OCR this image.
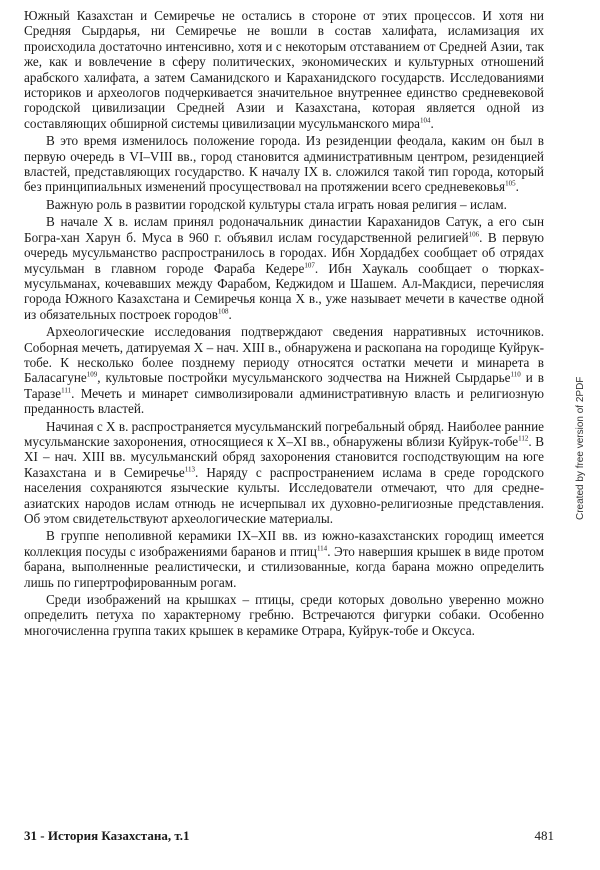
Южный Казахстан и Семиречье не остались в стороне от этих процессов. И хотя ни Средняя Сырдарья, ни Семиречье не вошли в состав халифата, исламизация их происходила достаточно интенсивно, хотя и с некоторым отставанием от Средней Азии, так же, как и вовлечение в сферу политических, экономических и культурных отношений арабского халифата, а затем Саманидского и Караханидского государств. Исследованиями историков и археологов подчеркивается значительное внутреннее единство средневековой городской цивилизации Средней Азии и Казахстана, которая является одной из составляющих обширной системы цивилизации мусульманского мира$^{104}$.

В это время изменилось положение города. Из резиденции феодала, каким он был в первую очередь в VI–VIII вв., город становится административным центром, резиденцией властей, представляющих государство. К началу IX в. сложился такой тип города, который без принципиальных изменений просуществовал на протяжении всего средневековья$^{105}$.

Важную роль в развитии городской культуры стала играть новая религия – ислам.

В начале X в. ислам принял родоначальник династии Караханидов Сатук, а его сын Богра-хан Харун б. Муса в 960 г. объявил ислам государственной религией$^{106}$. В первую очередь мусульманство распространилось в городах. Ибн Хордадбех сообщает об отрядах мусульман в главном городе Фараба Кедере$^{107}$. Ибн Хаукаль сообщает о тюрках-мусульманах, кочевавших между Фарабом, Кеджидом и Шашем. Ал-Макдиси, перечисляя города Южного Казахстана и Семиречья конца X в., уже называет мечети в качестве одной из обязательных построек городов$^{108}$.

Археологические исследования подтверждают сведения нарративных источников. Соборная мечеть, датируемая X – нач. XIII в., обнаружена и раскопана на городище Куйрук-тобе. К несколько более позднему периоду относятся остатки мечети и минарета в Баласагуне$^{109}$, культовые постройки мусульманского зодчества на Нижней Сырдарье$^{110}$ и в Таразе$^{111}$. Мечеть и минарет символизировали административную власть и религиозную преданность властей.

Начиная с X в. распространяется мусульманский погребальный обряд. Наиболее ранние мусульманские захоронения, относящиеся к X–XI вв., обнаружены вблизи Куйрук-тобе$^{112}$. В XI – нач. XIII вв. мусульманский обряд захоронения становится господствующим на юге Казахстана и в Семиречье$^{113}$. Наряду с распространением ислама в среде городского населения сохраняются языческие культы. Исследователи отмечают, что для средне-азиатских народов ислам отнюдь не исчерпывал их духовно-религиозные представления. Об этом свидетельствуют археологические материалы.

В группе неполивной керамики IX–XII вв. из южно-казахстанских городищ имеется коллекция посуды с изображениями баранов и птиц$^{114}$. Это навершия крышек в виде протом барана, выполненные реалистически, и стилизованные, когда барана можно определить лишь по гипертрофированным рогам.

Среди изображений на крышках – птицы, среди которых довольно уверенно можно определить петуха по характерному гребню. Встречаются фигурки собаки. Особенно многочисленна группа таких крышек в керамике Отрара, Куйрук-тобе и Оксуса.

Created by free version of 2PDF
31 - История Казахстана, т.1	481
